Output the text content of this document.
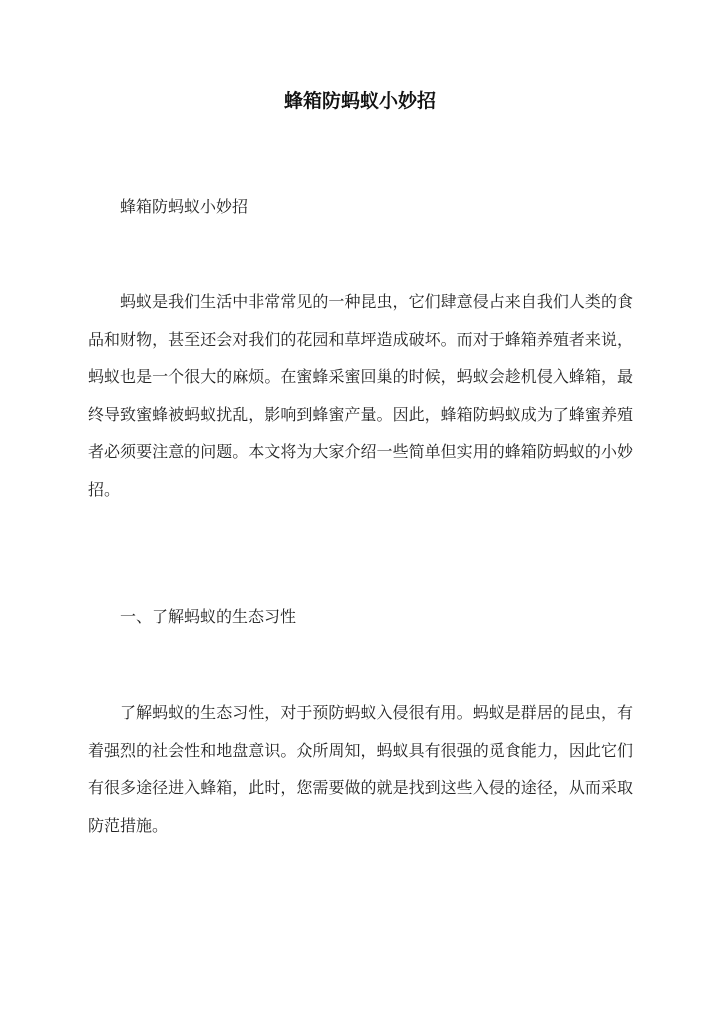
蜂箱防蚂蚁小妙招
蜂箱防蚂蚁小妙招

蚂蚁是我们生活中非常常见的一种昆虫，它们肆意侵占来自我们人类的食品和财物，甚至还会对我们的花园和草坪造成破坏。而对于蜂箱养殖者来说，蚂蚁也是一个很大的麻烦。在蜜蜂采蜜回巢的时候，蚂蚁会趁机侵入蜂箱，最终导致蜜蜂被蚂蚁扰乱，影响到蜂蜜产量。因此，蜂箱防蚂蚁成为了蜂蜜养殖者必须要注意的问题。本文将为大家介绍一些简单但实用的蜂箱防蚂蚁的小妙招。

一、了解蚂蚁的生态习性

了解蚂蚁的生态习性，对于预防蚂蚁入侵很有用。蚂蚁是群居的昆虫，有着强烈的社会性和地盘意识。众所周知，蚂蚁具有很强的觅食能力，因此它们有很多途径进入蜂箱，此时，您需要做的就是找到这些入侵的途径，从而采取防范措施。
